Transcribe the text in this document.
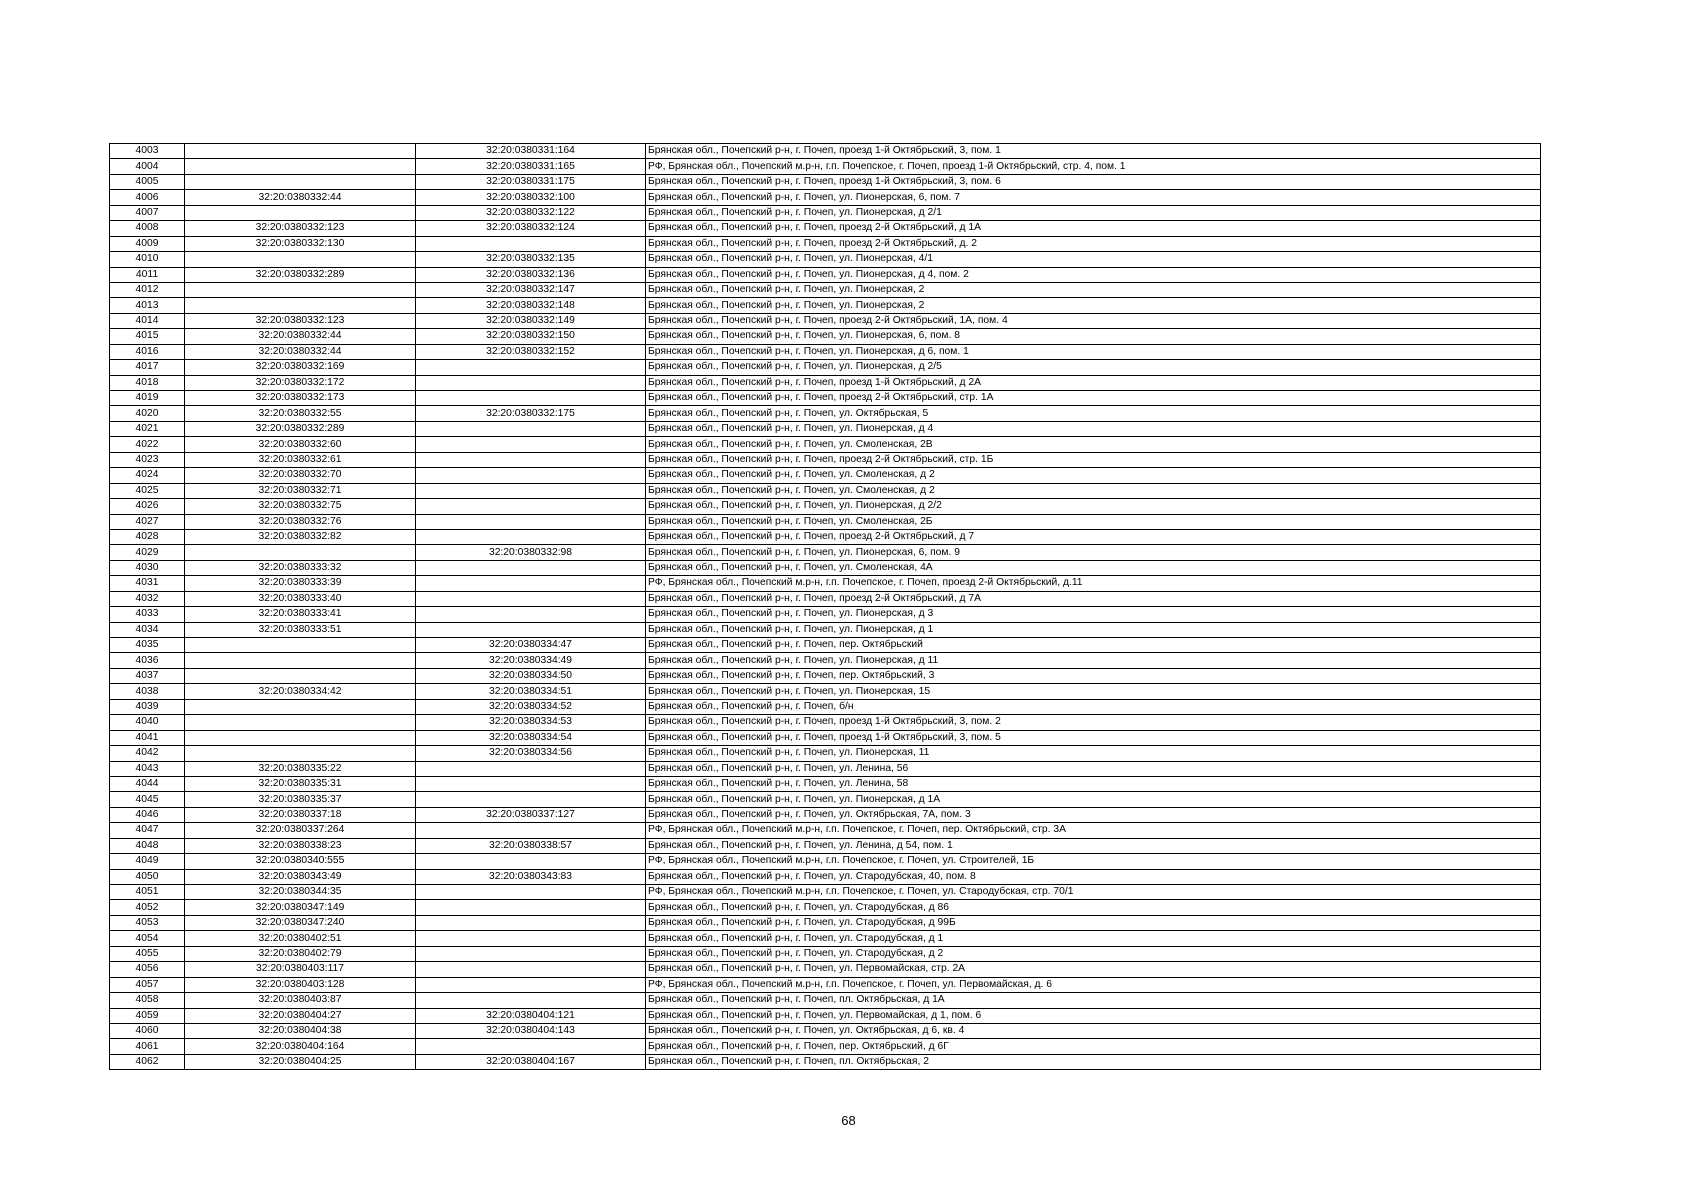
4003		32:20:0380331:164	Брянская обл., Почепский р-н, г. Почеп, проезд 1-й Октябрьский, 3, пом. 1
4004		32:20:0380331:165	РФ, Брянская обл., Почепский м.р-н, г.п. Почепское, г. Почеп, проезд 1-й Октябрьский, стр. 4, пом. 1
4005		32:20:0380331:175	Брянская обл., Почепский р-н, г. Почеп, проезд 1-й Октябрьский, 3, пом. 6
4006	32:20:0380332:44	32:20:0380332:100	Брянская обл., Почепский р-н, г. Почеп, ул. Пионерская, 6, пом. 7
4007		32:20:0380332:122	Брянская обл., Почепский р-н, г. Почеп, ул. Пионерская, д 2/1
4008	32:20:0380332:123	32:20:0380332:124	Брянская обл., Почепский р-н, г. Почеп, проезд 2-й Октябрьский, д 1А
4009	32:20:0380332:130		Брянская обл., Почепский р-н, г. Почеп, проезд 2-й Октябрьский, д. 2
4010		32:20:0380332:135	Брянская обл., Почепский р-н, г. Почеп, ул. Пионерская, 4/1
4011	32:20:0380332:289	32:20:0380332:136	Брянская обл., Почепский р-н, г. Почеп, ул. Пионерская, д 4, пом. 2
4012		32:20:0380332:147	Брянская обл., Почепский р-н, г. Почеп, ул. Пионерская, 2
4013		32:20:0380332:148	Брянская обл., Почепский р-н, г. Почеп, ул. Пионерская, 2
4014	32:20:0380332:123	32:20:0380332:149	Брянская обл., Почепский р-н, г. Почеп, проезд 2-й Октябрьский, 1А, пом. 4
4015	32:20:0380332:44	32:20:0380332:150	Брянская обл., Почепский р-н, г. Почеп, ул. Пионерская, 6, пом. 8
4016	32:20:0380332:44	32:20:0380332:152	Брянская обл., Почепский р-н, г. Почеп, ул. Пионерская, д 6, пом. 1
4017	32:20:0380332:169		Брянская обл., Почепский р-н, г. Почеп, ул. Пионерская, д 2/5
4018	32:20:0380332:172		Брянская обл., Почепский р-н, г. Почеп, проезд 1-й Октябрьский, д 2А
4019	32:20:0380332:173		Брянская обл., Почепский р-н, г. Почеп, проезд 2-й Октябрьский, стр. 1А
4020	32:20:0380332:55	32:20:0380332:175	Брянская обл., Почепский р-н, г. Почеп, ул. Октябрьская, 5
4021	32:20:0380332:289		Брянская обл., Почепский р-н, г. Почеп, ул. Пионерская, д 4
4022	32:20:0380332:60		Брянская обл., Почепский р-н, г. Почеп, ул. Смоленская, 2В
4023	32:20:0380332:61		Брянская обл., Почепский р-н, г. Почеп, проезд 2-й Октябрьский, стр. 1Б
4024	32:20:0380332:70		Брянская обл., Почепский р-н, г. Почеп, ул. Смоленская, д 2
4025	32:20:0380332:71		Брянская обл., Почепский р-н, г. Почеп, ул. Смоленская, д 2
4026	32:20:0380332:75		Брянская обл., Почепский р-н, г. Почеп, ул. Пионерская, д 2/2
4027	32:20:0380332:76		Брянская обл., Почепский р-н, г. Почеп, ул. Смоленская, 2Б
4028	32:20:0380332:82		Брянская обл., Почепский р-н, г. Почеп, проезд 2-й Октябрьский, д 7
4029		32:20:0380332:98	Брянская обл., Почепский р-н, г. Почеп, ул. Пионерская, 6, пом. 9
4030	32:20:0380333:32		Брянская обл., Почепский р-н, г. Почеп, ул. Смоленская, 4А
4031	32:20:0380333:39		РФ, Брянская обл., Почепский м.р-н, г.п. Почепское, г. Почеп, проезд 2-й Октябрьский, д.11
4032	32:20:0380333:40		Брянская обл., Почепский р-н, г. Почеп, проезд 2-й Октябрьский, д 7А
4033	32:20:0380333:41		Брянская обл., Почепский р-н, г. Почеп, ул. Пионерская, д 3
4034	32:20:0380333:51		Брянская обл., Почепский р-н, г. Почеп, ул. Пионерская, д 1
4035		32:20:0380334:47	Брянская обл., Почепский р-н, г. Почеп, пер. Октябрьский
4036		32:20:0380334:49	Брянская обл., Почепский р-н, г. Почеп, ул. Пионерская, д 11
4037		32:20:0380334:50	Брянская обл., Почепский р-н, г. Почеп, пер. Октябрьский, 3
4038	32:20:0380334:42	32:20:0380334:51	Брянская обл., Почепский р-н, г. Почеп, ул. Пионерская, 15
4039		32:20:0380334:52	Брянская обл., Почепский р-н, г. Почеп, б/н
4040		32:20:0380334:53	Брянская обл., Почепский р-н, г. Почеп, проезд 1-й Октябрьский, 3, пом. 2
4041		32:20:0380334:54	Брянская обл., Почепский р-н, г. Почеп, проезд 1-й Октябрьский, 3, пом. 5
4042		32:20:0380334:56	Брянская обл., Почепский р-н, г. Почеп, ул. Пионерская, 11
4043	32:20:0380335:22		Брянская обл., Почепский р-н, г. Почеп, ул. Ленина, 56
4044	32:20:0380335:31		Брянская обл., Почепский р-н, г. Почеп, ул. Ленина, 58
4045	32:20:0380335:37		Брянская обл., Почепский р-н, г. Почеп, ул. Пионерская, д 1А
4046	32:20:0380337:18	32:20:0380337:127	Брянская обл., Почепский р-н, г. Почеп, ул. Октябрьская, 7А, пом. 3
4047	32:20:0380337:264		РФ, Брянская обл., Почепский м.р-н, г.п. Почепское, г. Почеп, пер. Октябрьский, стр. 3А
4048	32:20:0380338:23	32:20:0380338:57	Брянская обл., Почепский р-н, г. Почеп, ул. Ленина, д 54, пом. 1
4049	32:20:0380340:555		РФ, Брянская обл., Почепский м.р-н, г.п. Почепское, г. Почеп, ул. Строителей, 1Б
4050	32:20:0380343:49	32:20:0380343:83	Брянская обл., Почепский р-н, г. Почеп, ул. Стародубская, 40, пом. 8
4051	32:20:0380344:35		РФ, Брянская обл., Почепский м.р-н, г.п. Почепское, г. Почеп, ул. Стародубская, стр. 70/1
4052	32:20:0380347:149		Брянская обл., Почепский р-н, г. Почеп, ул. Стародубская, д 86
4053	32:20:0380347:240		Брянская обл., Почепский р-н, г. Почеп, ул. Стародубская, д 99Б
4054	32:20:0380402:51		Брянская обл., Почепский р-н, г. Почеп, ул. Стародубская, д 1
4055	32:20:0380402:79		Брянская обл., Почепский р-н, г. Почеп, ул. Стародубская, д 2
4056	32:20:0380403:117		Брянская обл., Почепский р-н, г. Почеп, ул. Первомайская, стр. 2А
4057	32:20:0380403:128		РФ, Брянская обл., Почепский м.р-н, г.п. Почепское, г. Почеп, ул. Первомайская, д. 6
4058	32:20:0380403:87		Брянская обл., Почепский р-н, г. Почеп, пл. Октябрьская, д 1А
4059	32:20:0380404:27	32:20:0380404:121	Брянская обл., Почепский р-н, г. Почеп, ул. Первомайская, д 1, пом. 6
4060	32:20:0380404:38	32:20:0380404:143	Брянская обл., Почепский р-н, г. Почеп, ул. Октябрьская, д 6, кв. 4
4061	32:20:0380404:164		Брянская обл., Почепский р-н, г. Почеп, пер. Октябрьский, д 6Г
4062	32:20:0380404:25	32:20:0380404:167	Брянская обл., Почепский р-н, г. Почеп, пл. Октябрьская, 2
68
